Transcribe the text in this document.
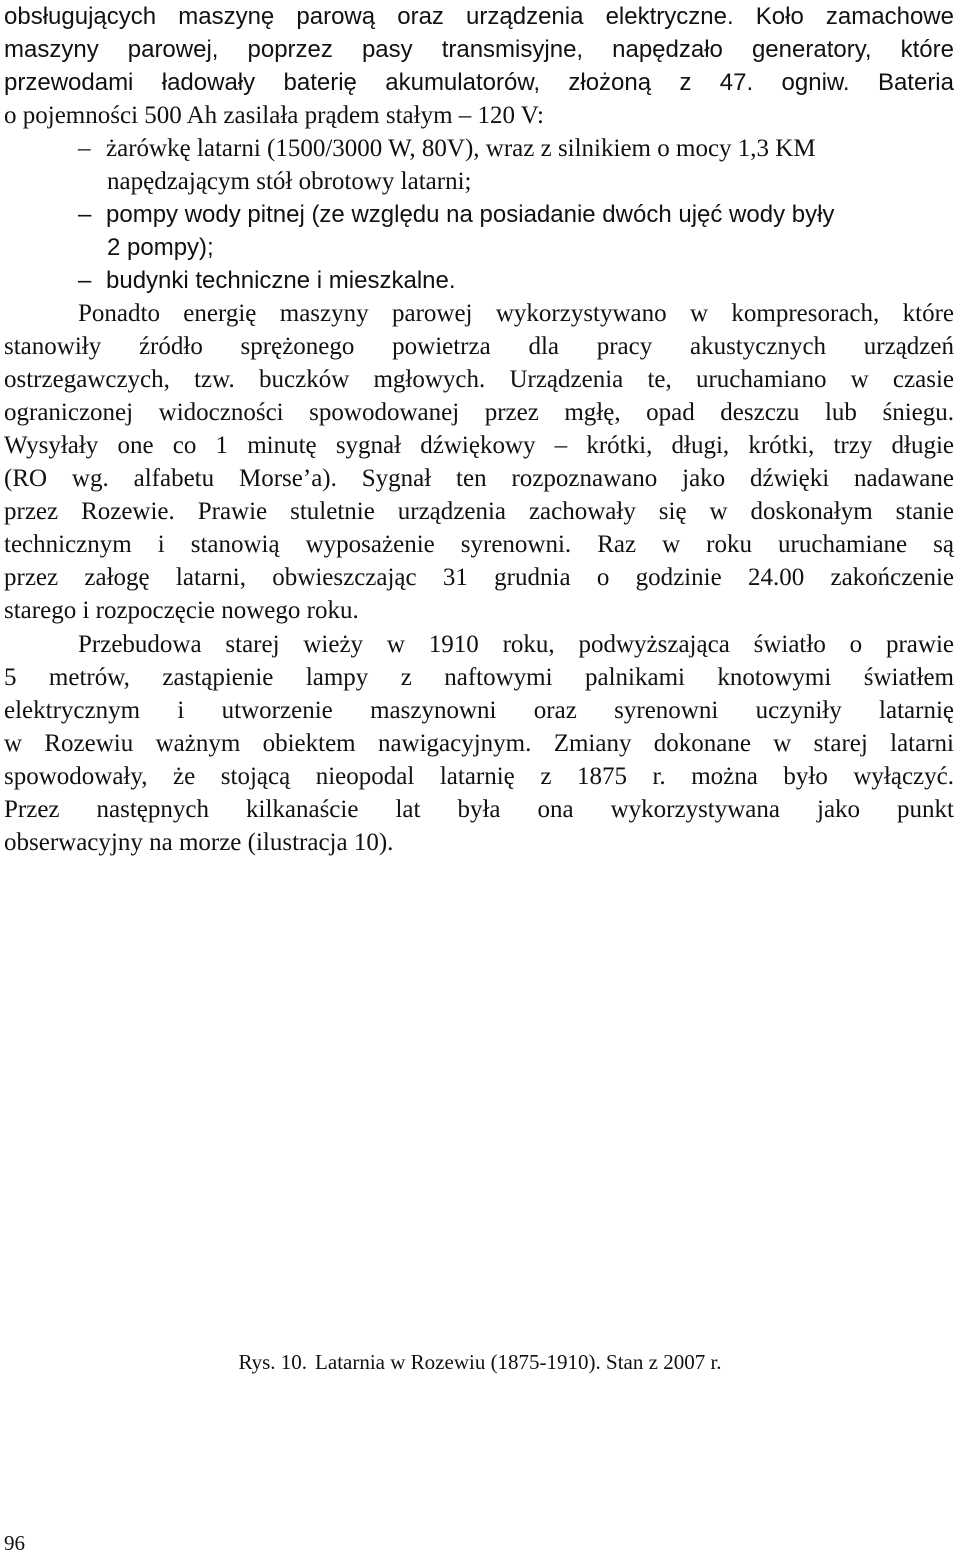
obsługujących maszynę parową oraz urządzenia elektryczne. Koło zamachowe
maszyny parowej, poprzez pasy transmisyjne, napędzało generatory, które
przewodami ładowały baterię akumulatorów, złożoną z 47. ogniw. Bateria
o pojemności 500 Ah zasilała prądem stałym – 120 V:
– żarówkę latarni (1500/3000 W, 80V), wraz z silnikiem o mocy 1,3 KM
napędzającym stół obrotowy latarni;
– pompy wody pitnej (ze względu na posiadanie dwóch ujęć wody były
2 pompy);
– budynki techniczne i mieszkalne.
Ponadto energię maszyny parowej wykorzystywano w kompresorach, które
stanowiły źródło sprężonego powietrza dla pracy akustycznych urządzeń
ostrzegawczych, tzw. buczków mgłowych. Urządzenia te, uruchamiano w czasie
ograniczonej widoczności spowodowanej przez mgłę, opad deszczu lub śniegu.
Wysyłały one co 1 minutę sygnał dźwiękowy – krótki, długi, krótki, trzy długie
(RO wg. alfabetu Morse’a). Sygnał ten rozpoznawano jako dźwięki nadawane
przez Rozewie. Prawie stuletnie urządzenia zachowały się w doskonałym stanie
technicznym i stanowią wyposażenie syrenowni. Raz w roku uruchamiane są
przez załogę latarni, obwieszczając 31 grudnia o godzinie 24.00 zakończenie
starego i rozpoczęcie nowego roku.
Przebudowa starej wieży w 1910 roku, podwyższająca światło o prawie
5 metrów, zastąpienie lampy z naftowymi palnikami knotowymi światłem
elektrycznym i utworzenie maszynowni oraz syrenowni uczyniły latarnię
w Rozewiu ważnym obiektem nawigacyjnym. Zmiany dokonane w starej latarni
spowodowały, że stojącą nieopodal latarnię z 1875 r. można było wyłączyć.
Przez następnych kilkanaście lat była ona wykorzystywana jako punkt
obserwacyjny na morze (ilustracja 10).
Rys. 10. Latarnia w Rozewiu (1875-1910). Stan z 2007 r.
96
